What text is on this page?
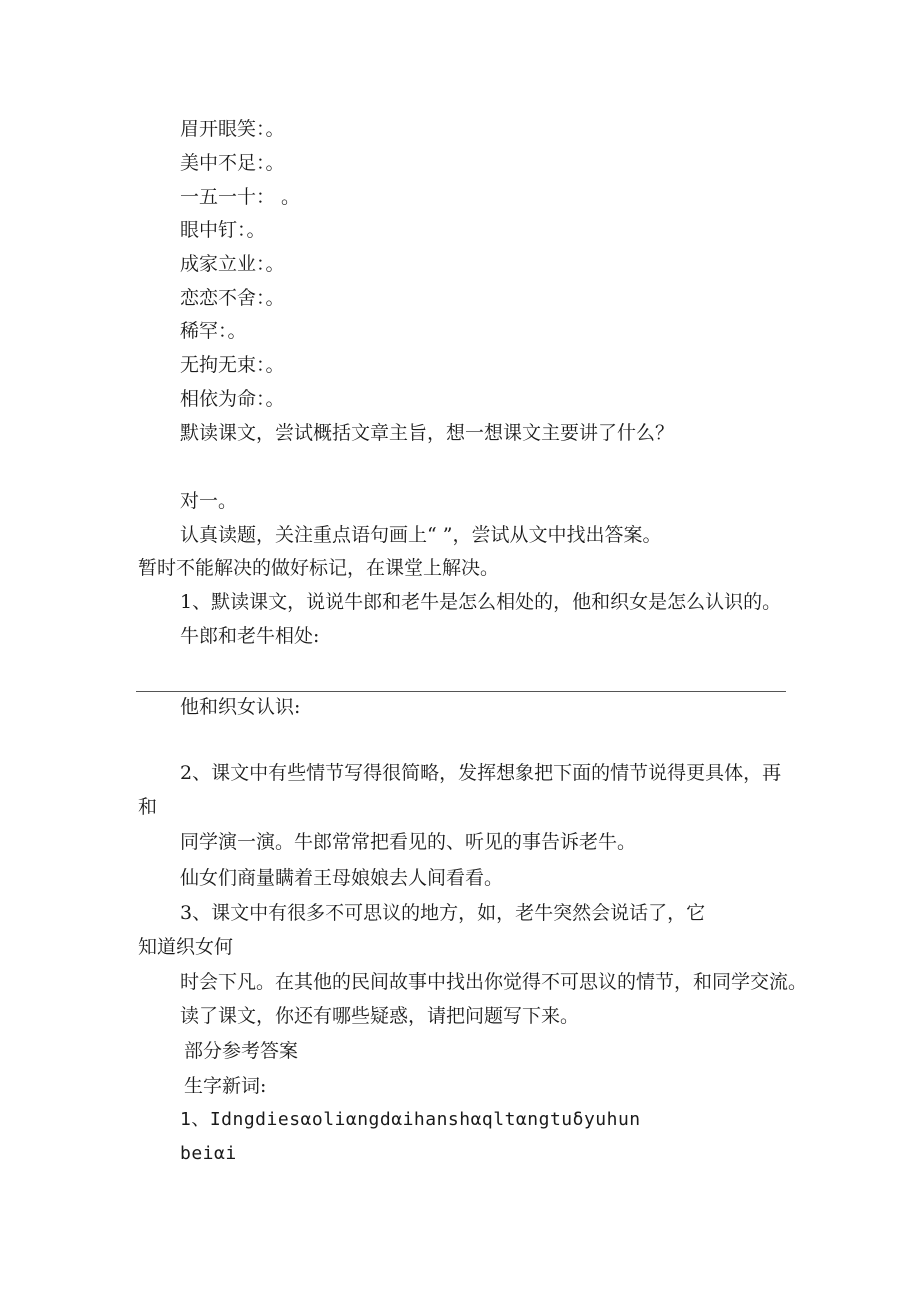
眉开眼笑：。
美中不足：。
一五一十： 。
眼中钉：。
成家立业：。
恋恋不舍：。
稀罕：。
无拘无束：。
相依为命：。
默读课文，尝试概括文章主旨，想一想课文主要讲了什么？
对一。
认真读题，关注重点语句画上“ ”，尝试从文中找出答案。
暂时不能解决的做好标记，在课堂上解决。
1、默读课文，说说牛郎和老牛是怎么相处的，他和织女是怎么认识的。
牛郎和老牛相处:
他和织女认识:
2、课文中有些情节写得很简略，发挥想象把下面的情节说得更具体，再
和
同学演一演。牛郎常常把看见的、听见的事告诉老牛。
仙女们商量瞒着王母娘娘去人间看看。
3、课文中有很多不可思议的地方，如，老牛突然会说话了，它
知道织女何
时会下凡。在其他的民间故事中找出你觉得不可思议的情节，和同学交流。
读了课文，你还有哪些疑惑，请把问题写下来。
部分参考答案
生字新词:
1、Idngdiesαoliαngdαihanshαqltαngtuδyuhun
beiαi
